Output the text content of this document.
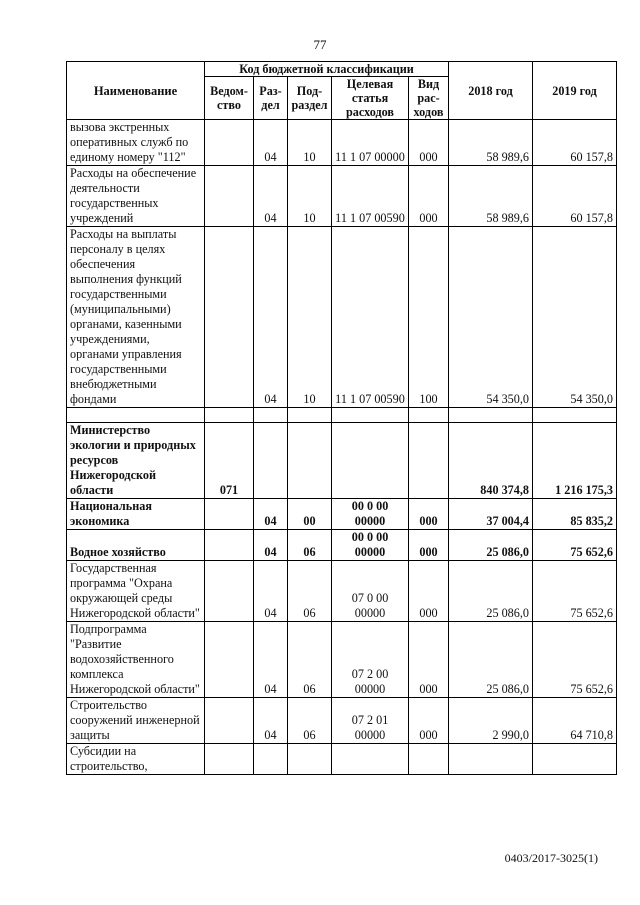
77
Наименование	Код бюджетной классификации					2018 год	2019 год
	Ведом-ство	Раз-дел	Под-раздел	Целевая статья расходов	Вид рас-ходов		
вызова экстренных оперативных служб по единому номеру "112"		04	10	11 1 07 00000	000	58 989,6	60 157,8
Расходы на обеспечение деятельности государственных учреждений		04	10	11 1 07 00590	000	58 989,6	60 157,8
Расходы на выплаты персоналу в целях обеспечения выполнения функций государственными (муниципальными) органами, казенными учреждениями, органами управления государственными внебюджетными фондами		04	10	11 1 07 00590	100	54 350,0	54 350,0

Министерство экологии и природных ресурсов Нижегородской области	071					840 374,8	1 216 175,3
Национальная экономика		04	00	00 0 00 00000	000	37 004,4	85 835,2
Водное хозяйство		04	06	00 0 00 00000	000	25 086,0	75 652,6
Государственная программа "Охрана окружающей среды Нижегородской области"		04	06	07 0 00 00000	000	25 086,0	75 652,6
Подпрограмма "Развитие водохозяйственного комплекса Нижегородской области"		04	06	07 2 00 00000	000	25 086,0	75 652,6
Строительство сооружений инженерной защиты		04	06	07 2 01 00000	000	2 990,0	64 710,8
Субсидии на строительство,							
0403/2017-3025(1)
